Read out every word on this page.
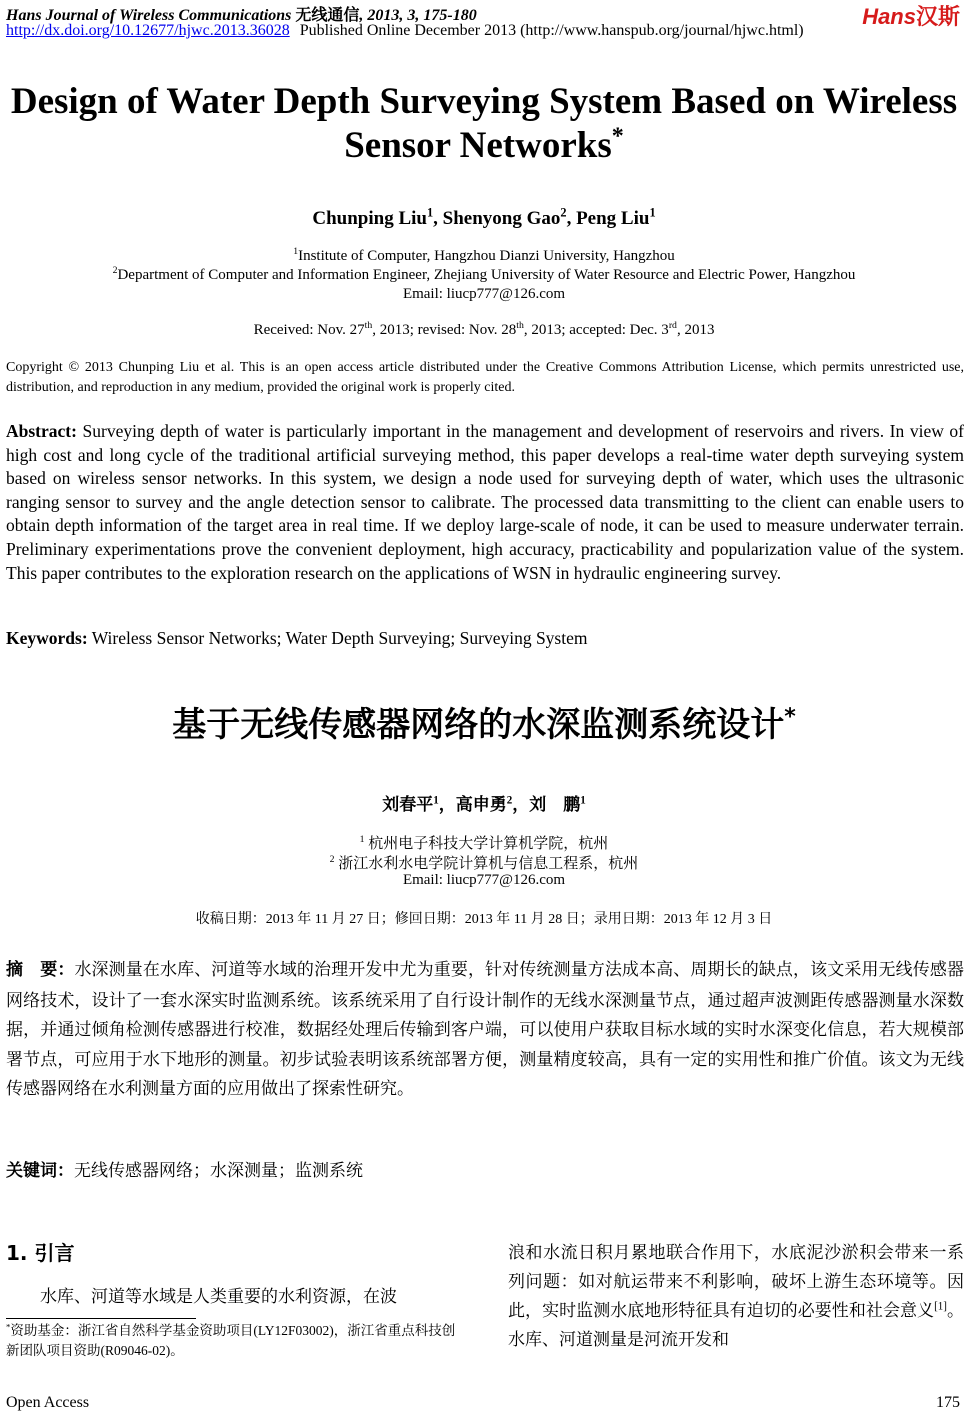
Hans Journal of Wireless Communications 无线通信, 2013, 3, 175-180
http://dx.doi.org/10.12677/hjwc.2013.36028 Published Online December 2013 (http://www.hanspub.org/journal/hjwc.html)
Hans汉斯
Design of Water Depth Surveying System Based on Wireless
Sensor Networks*
Chunping Liu$^1$, Shenyong Gao$^2$, Peng Liu$^1$
$^1$Institute of Computer, Hangzhou Dianzi University, Hangzhou
$^2$Department of Computer and Information Engineer, Zhejiang University of Water Resource and Electric Power, Hangzhou
Email: liucp777@126.com
Received: Nov. 27th, 2013; revised: Nov. 28th, 2013; accepted: Dec. 3rd, 2013
Copyright © 2013 Chunping Liu et al. This is an open access article distributed under the Creative Commons Attribution License, which permits unrestricted use, distribution, and reproduction in any medium, provided the original work is properly cited.
Abstract: Surveying depth of water is particularly important in the management and development of reservoirs and rivers. In view of high cost and long cycle of the traditional artificial surveying method, this paper develops a real-time water depth surveying system based on wireless sensor networks. In this system, we design a node used for surveying depth of water, which uses the ultrasonic ranging sensor to survey and the angle detection sensor to calibrate. The processed data transmitting to the client can enable users to obtain depth information of the target area in real time. If we deploy large-scale of node, it can be used to measure underwater terrain. Preliminary experimentations prove the convenient deployment, high accuracy, practicability and popularization value of the system. This paper contributes to the exploration research on the applications of WSN in hydraulic engineering survey.
Keywords: Wireless Sensor Networks; Water Depth Surveying; Surveying System
基于无线传感器网络的水深监测系统设计*
刘春平$^1$，高申勇$^2$，刘　鹏$^1$
$^1$ 杭州电子科技大学计算机学院，杭州
$^2$ 浙江水利水电学院计算机与信息工程系，杭州
Email: liucp777@126.com
收稿日期：2013 年 11 月 27 日；修回日期：2013 年 11 月 28 日；录用日期：2013 年 12 月 3 日
摘　要：水深测量在水库、河道等水域的治理开发中尤为重要，针对传统测量方法成本高、周期长的缺点，该文采用无线传感器网络技术，设计了一套水深实时监测系统。该系统采用了自行设计制作的无线水深测量节点，通过超声波测距传感器测量水深数据，并通过倾角检测传感器进行校准，数据经处理后传输到客户端，可以使用户获取目标水域的实时水深变化信息，若大规模部署节点，可应用于水下地形的测量。初步试验表明该系统部署方便，测量精度较高，具有一定的实用性和推广价值。该文为无线传感器网络在水利测量方面的应用做出了探索性研究。
关键词：无线传感器网络；水深测量；监测系统
1. 引言
水库、河道等水域是人类重要的水利资源，在波
*资助基金：浙江省自然科学基金资助项目(LY12F03002)，浙江省重点科技创新团队项目资助(R09046-02)。
浪和水流日积月累地联合作用下，水底泥沙淤积会带来一系列问题：如对航运带来不利影响，破坏上游生态环境等。因此，实时监测水底地形特征具有迫切的必要性和社会意义[1]。水库、河道测量是河流开发和
Open Access	175
